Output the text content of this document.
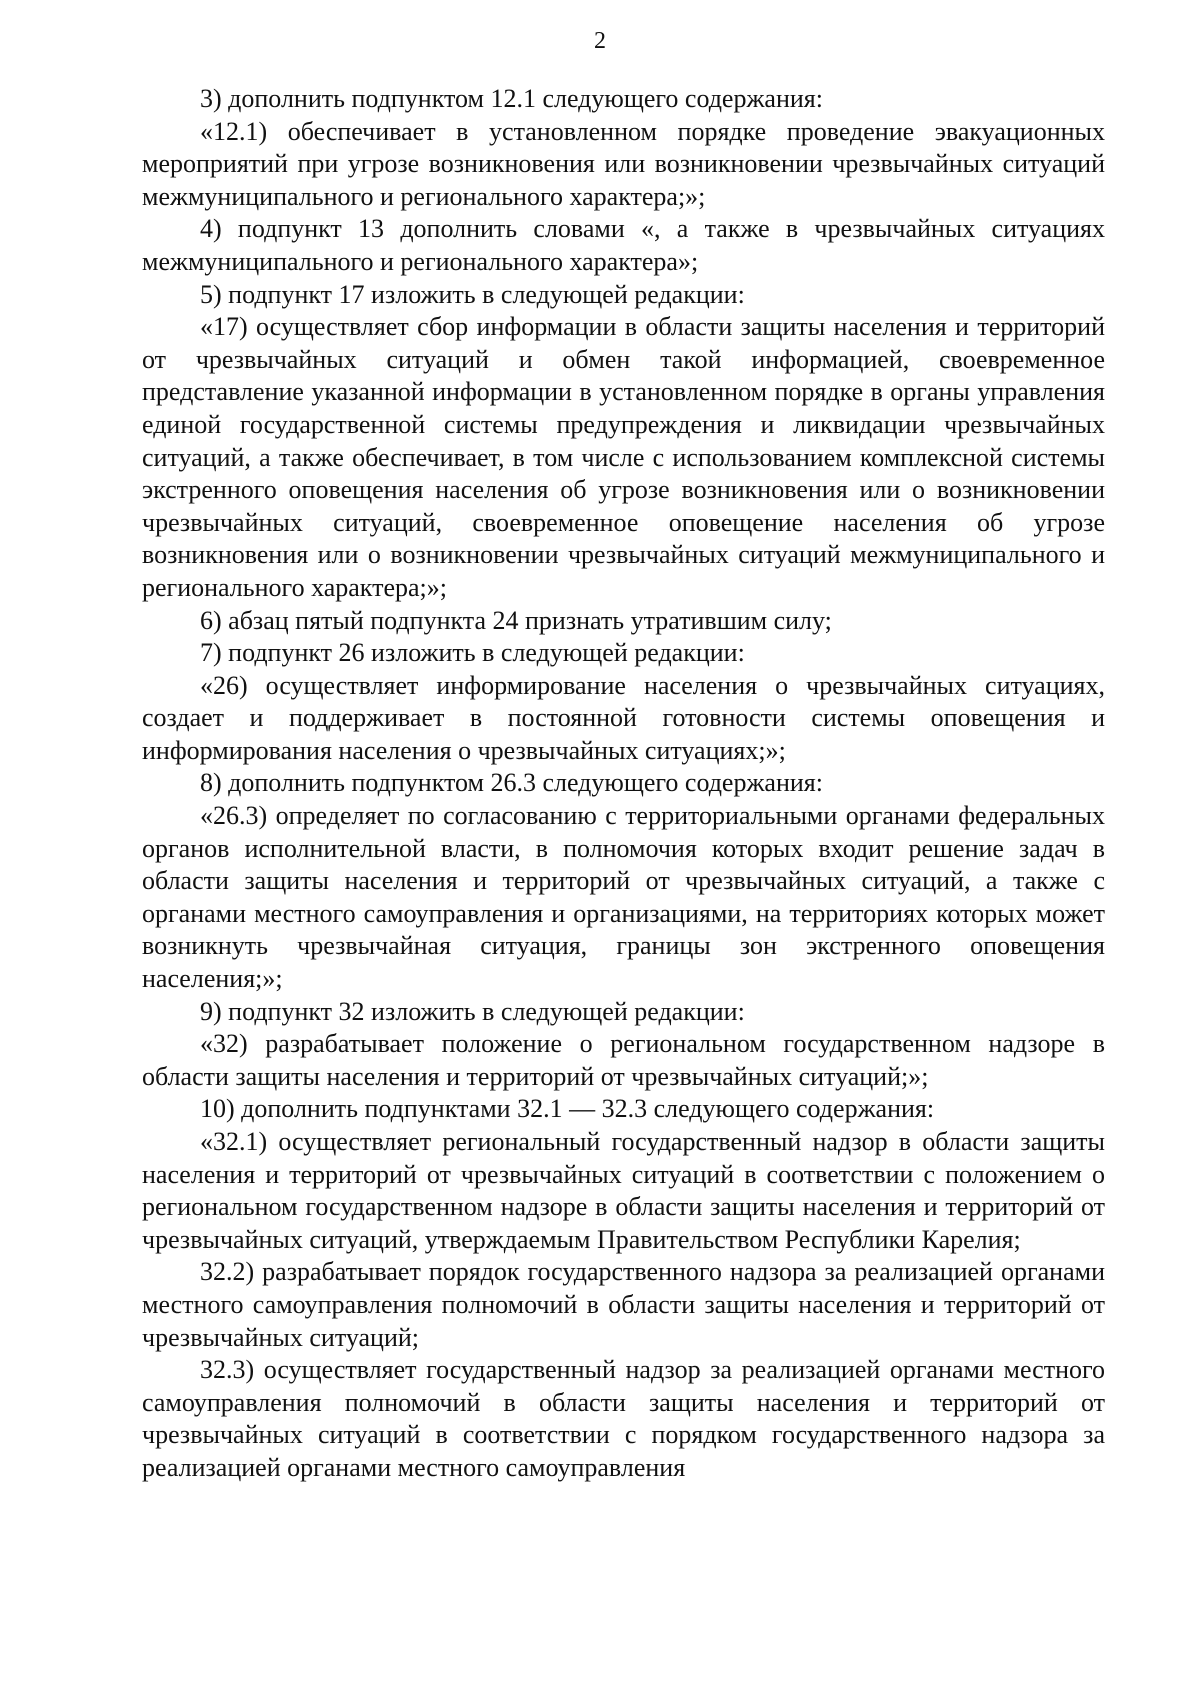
2

3) дополнить подпунктом 12.1 следующего содержания:

«12.1) обеспечивает в установленном порядке проведение эвакуационных мероприятий при угрозе возникновения или возникновении чрезвычайных ситуаций межмуниципального и регионального характера;»;

4) подпункт 13 дополнить словами «, а также в чрезвычайных ситуациях межмуниципального и регионального характера»;

5) подпункт 17 изложить в следующей редакции:

«17) осуществляет сбор информации в области защиты населения и территорий от чрезвычайных ситуаций и обмен такой информацией, своевременное представление указанной информации в установленном порядке в органы управления единой государственной системы предупреждения и ликвидации чрезвычайных ситуаций, а также обеспечивает, в том числе с использованием комплексной системы экстренного оповещения населения об угрозе возникновения или о возникновении чрезвычайных ситуаций, своевременное оповещение населения об угрозе возникновения или о возникновении чрезвычайных ситуаций межмуниципального и регионального характера;»;

6) абзац пятый подпункта 24 признать утратившим силу;

7) подпункт 26 изложить в следующей редакции:

«26) осуществляет информирование населения о чрезвычайных ситуациях, создает и поддерживает в постоянной готовности системы оповещения и информирования населения о чрезвычайных ситуациях;»;

8) дополнить подпунктом 26.3 следующего содержания:

«26.3) определяет по согласованию с территориальными органами федеральных органов исполнительной власти, в полномочия которых входит решение задач в области защиты населения и территорий от чрезвычайных ситуаций, а также с органами местного самоуправления и организациями, на территориях которых может возникнуть чрезвычайная ситуация, границы зон экстренного оповещения населения;»;

9) подпункт 32 изложить в следующей редакции:

«32) разрабатывает положение о региональном государственном надзоре в области защиты населения и территорий от чрезвычайных ситуаций;»;

10) дополнить подпунктами 32.1 — 32.3 следующего содержания:

«32.1) осуществляет региональный государственный надзор в области защиты населения и территорий от чрезвычайных ситуаций в соответствии с положением о региональном государственном надзоре в области защиты населения и территорий от чрезвычайных ситуаций, утверждаемым Правительством Республики Карелия;

32.2) разрабатывает порядок государственного надзора за реализацией органами местного самоуправления полномочий в области защиты населения и территорий от чрезвычайных ситуаций;

32.3) осуществляет государственный надзор за реализацией органами местного самоуправления полномочий в области защиты населения и территорий от чрезвычайных ситуаций в соответствии с порядком государственного надзора за реализацией органами местного самоуправления
